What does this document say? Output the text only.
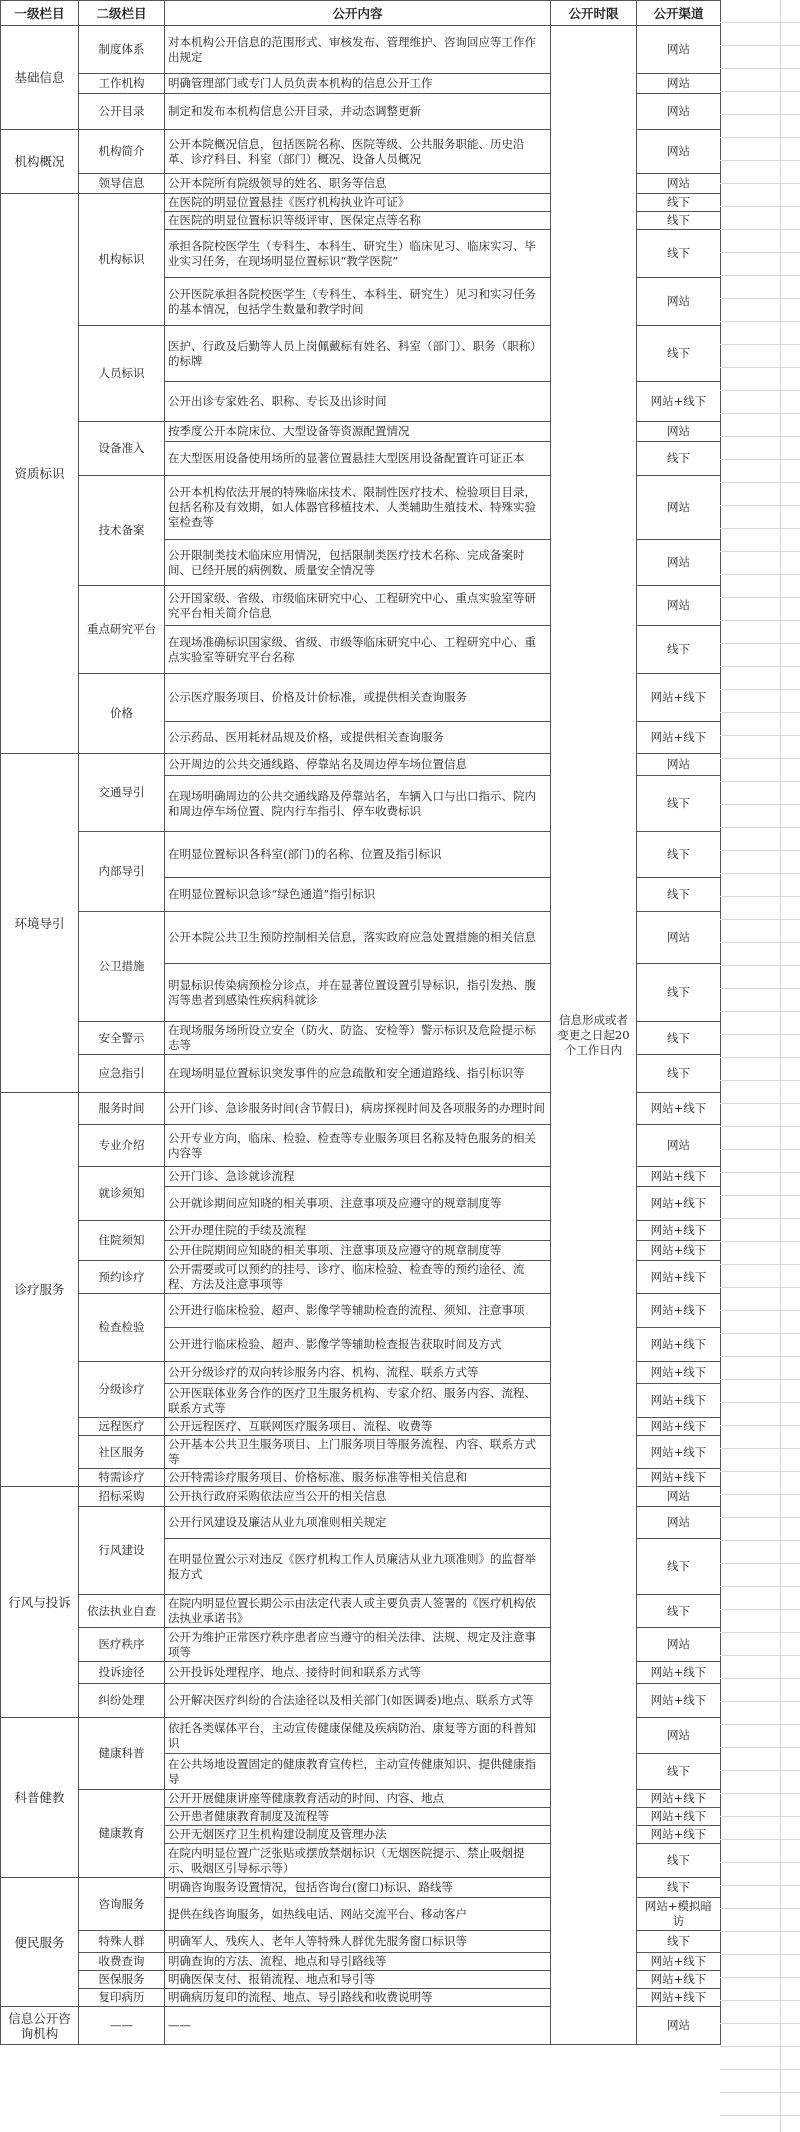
一级栏目	二级栏目	公开内容	公开时限	公开渠道
基础信息	制度体系	对本机构公开信息的范围形式、审核发布、管理维护、咨询回应等工作作出规定	信息形成或者变更之日起20个工作日内	网站
	工作机构	明确管理部门或专门人员负责本机构的信息公开工作		网站
	公开目录	制定和发布本机构信息公开目录，并动态调整更新		网站
机构概况	机构简介	公开本院概况信息，包括医院名称、医院等级、公共服务职能、历史沿革、诊疗科目、科室（部门）概况、设备人员概况		网站
	领导信息	公开本院所有院级领导的姓名、职务等信息		网站
资质标识	机构标识	在医院的明显位置悬挂《医疗机构执业许可证》		线下
		在医院的明显位置标识等级评审、医保定点等名称		线下
		承担各院校医学生（专科生、本科生、研究生）临床见习、临床实习、毕业实习任务，在现场明显位置标识“教学医院”		线下
		公开医院承担各院校医学生（专科生、本科生、研究生）见习和实习任务的基本情况，包括学生数量和教学时间		网站
	人员标识	医护、行政及后勤等人员上岗佩戴标有姓名、科室（部门）、职务（职称）的标牌		线下
		公开出诊专家姓名、职称、专长及出诊时间		网站+线下
	设备准入	按季度公开本院床位、大型设备等资源配置情况		网站
		在大型医用设备使用场所的显著位置悬挂大型医用设备配置许可证正本		线下
	技术备案	公开本机构依法开展的特殊临床技术、限制性医疗技术、检验项目目录，包括名称及有效期，如人体器官移植技术、人类辅助生殖技术、特殊实验室检查等		网站
		公开限制类技术临床应用情况，包括限制类医疗技术名称、完成备案时间、已经开展的病例数、质量安全情况等		网站
	重点研究平台	公开国家级、省级、市级临床研究中心、工程研究中心、重点实验室等研究平台相关简介信息		网站
		在现场准确标识国家级、省级、市级等临床研究中心、工程研究中心、重点实验室等研究平台名称		线下
	价格	公示医疗服务项目、价格及计价标准，或提供相关查询服务		网站+线下
		公示药品、医用耗材品规及价格，或提供相关查询服务		网站+线下
环境导引	交通导引	公开周边的公共交通线路、停靠站名及周边停车场位置信息		网站
		在现场明确周边的公共交通线路及停靠站名，车辆入口与出口指示、院内和周边停车场位置、院内行车指引、停车收费标识		线下
	内部导引	在明显位置标识各科室(部门)的名称、位置及指引标识		线下
		在明显位置标识急诊“绿色通道”指引标识		线下
	公卫措施	公开本院公共卫生预防控制相关信息，落实政府应急处置措施的相关信息		网站
		明显标识传染病预检分诊点，并在显著位置设置引导标识，指引发热、腹泻等患者到感染性疾病科就诊		线下
	安全警示	在现场服务场所设立安全（防火、防盗、安检等）警示标识及危险提示标志等		线下
	应急指引	在现场明显位置标识突发事件的应急疏散和安全通道路线、指引标识等		线下
诊疗服务	服务时间	公开门诊、急诊服务时间(含节假日)，病房探视时间及各项服务的办理时间		网站+线下
	专业介绍	公开专业方向，临床、检验、检查等专业服务项目名称及特色服务的相关内容等		网站
	就诊须知	公开门诊、急诊就诊流程		网站+线下
		公开就诊期间应知晓的相关事项、注意事项及应遵守的规章制度等		网站+线下
	住院须知	公开办理住院的手续及流程		网站+线下
		公开住院期间应知晓的相关事项、注意事项及应遵守的规章制度等		网站+线下
	预约诊疗	公开需要或可以预约的挂号、诊疗、临床检验、检查等的预约途径、流程、方法及注意事项等		网站+线下
	检查检验	公开进行临床检验、超声、影像学等辅助检查的流程、须知、注意事项		网站+线下
		公开进行临床检验、超声、影像学等辅助检查报告获取时间及方式		网站+线下
	分级诊疗	公开分级诊疗的双向转诊服务内容、机构、流程、联系方式等		网站+线下
		公开医联体业务合作的医疗卫生服务机构、专家介绍、服务内容、流程、联系方式等		网站+线下
	远程医疗	公开远程医疗、互联网医疗服务项目、流程、收费等		网站+线下
	社区服务	公开基本公共卫生服务项目、上门服务项目等服务流程、内容、联系方式等		网站+线下
	特需诊疗	公开特需诊疗服务项目、价格标准、服务标准等相关信息和		网站+线下
行风与投诉	招标采购	公开执行政府采购依法应当公开的相关信息		网站
	行风建设	公开行风建设及廉洁从业九项准则相关规定		网站
		在明显位置公示对违反《医疗机构工作人员廉洁从业九项准则》的监督举报方式		线下
	依法执业自查	在院内明显位置长期公示由法定代表人或主要负责人签署的《医疗机构依法执业承诺书》		线下
	医疗秩序	公开为维护正常医疗秩序患者应当遵守的相关法律、法规、规定及注意事项等		网站
	投诉途径	公开投诉处理程序、地点、接待时间和联系方式等		网站+线下
	纠纷处理	公开解决医疗纠纷的合法途径以及相关部门(如医调委)地点、联系方式等		网站+线下
科普健教	健康科普	依托各类媒体平台，主动宣传健康保健及疾病防治、康复等方面的科普知识		网站
		在公共场地设置固定的健康教育宣传栏，主动宣传健康知识、提供健康指导		线下
	健康教育	公开开展健康讲座等健康教育活动的时间、内容、地点		网站+线下
		公开患者健康教育制度及流程等		网站+线下
		公开无烟医疗卫生机构建设制度及管理办法		网站+线下
		在院内明显位置广泛张贴或摆放禁烟标识（无烟医院提示、禁止吸烟提示、吸烟区引导标示等）		线下
便民服务	咨询服务	明确咨询服务设置情况，包括咨询台(窗口)标识、路线等		线下
		提供在线咨询服务，如热线电话、网站交流平台、移动客户		网站+模拟暗访
	特殊人群	明确军人、残疾人、老年人等特殊人群优先服务窗口标识等		线下
	收费查询	明确查询的方法、流程、地点和导引路线等		网站+线下
	医保服务	明确医保支付、报销流程、地点和导引等		网站+线下
	复印病历	明确病历复印的流程、地点、导引路线和收费说明等		网站+线下
信息公开咨询机构	——	——		网站
